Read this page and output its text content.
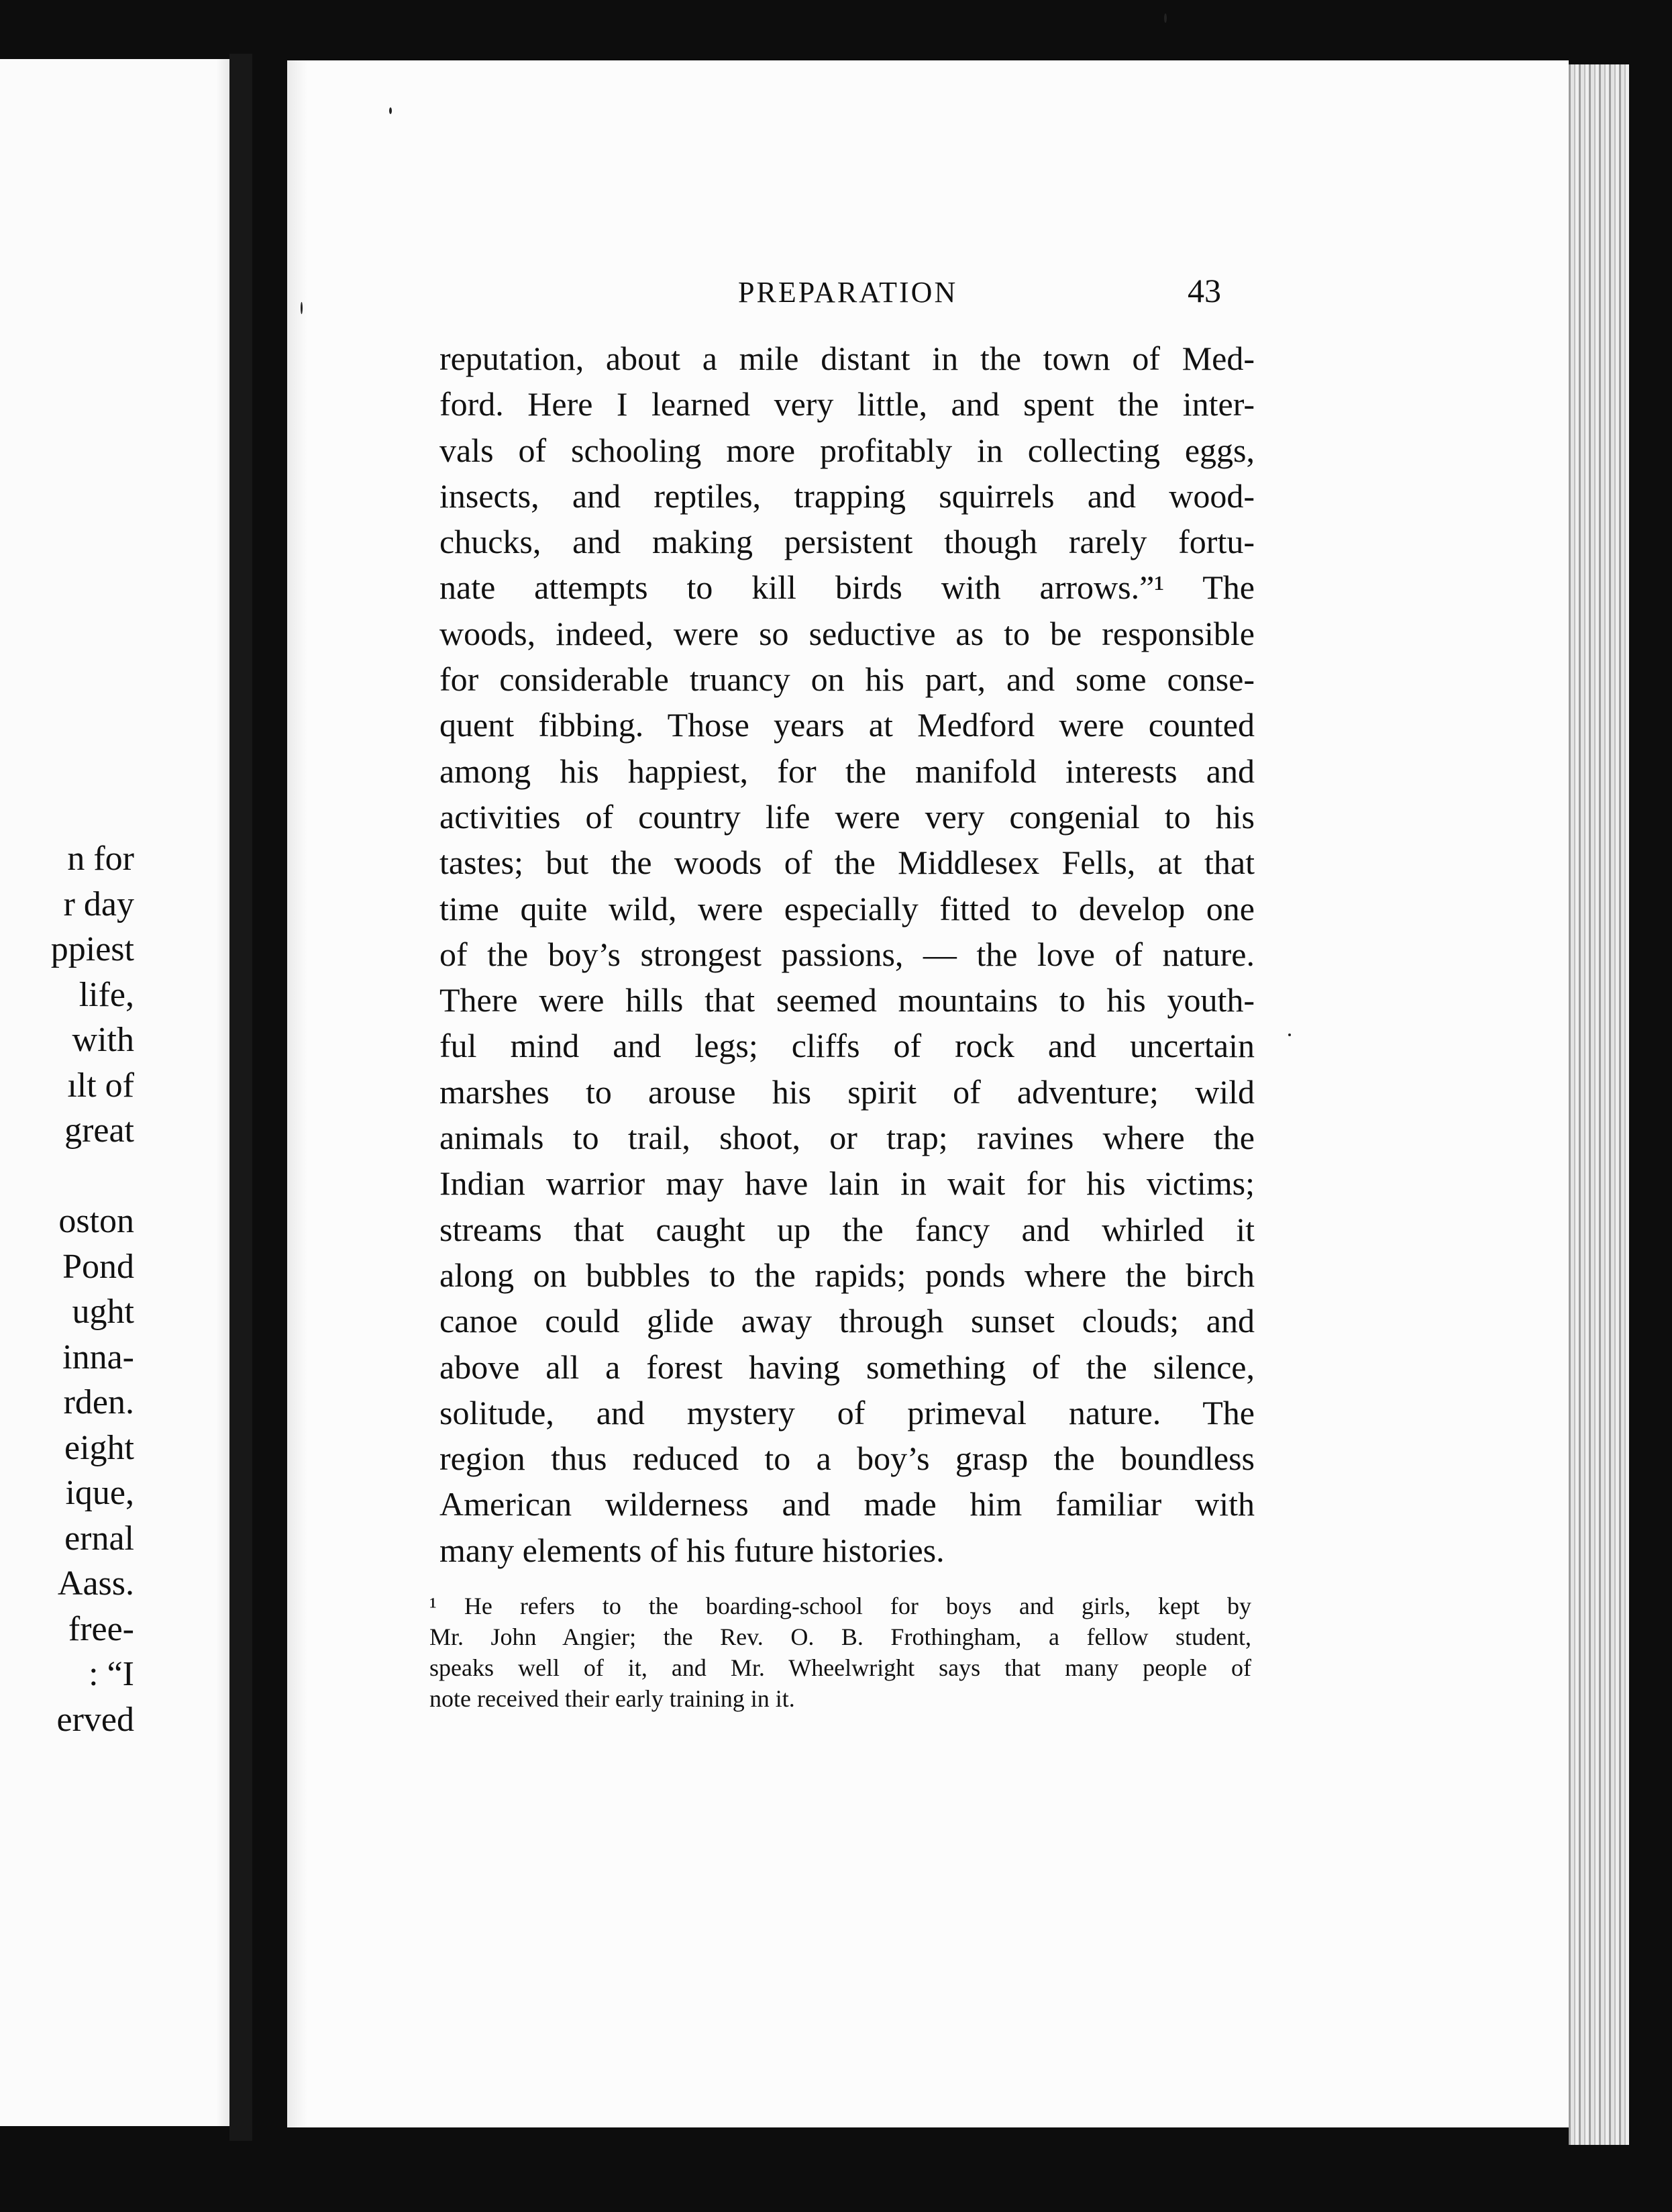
n for
r day
ppiest
life,
with
ılt of
great
oston
Pond
ught
inna-
rden.
eight
ique,
ernal
Aass.
free-
: “I
erved
PREPARATION	43
reputation, about a mile distant in the town of Med-
ford. Here I learned very little, and spent the inter-
vals of schooling more profitably in collecting eggs,
insects, and reptiles, trapping squirrels and wood-
chucks, and making persistent though rarely fortu-
nate attempts to kill birds with arrows.”¹ The
woods, indeed, were so seductive as to be responsible
for considerable truancy on his part, and some conse-
quent fibbing. Those years at Medford were counted
among his happiest, for the manifold interests and
activities of country life were very congenial to his
tastes; but the woods of the Middlesex Fells, at that
time quite wild, were especially fitted to develop one
of the boy’s strongest passions, — the love of nature.
There were hills that seemed mountains to his youth-
ful mind and legs; cliffs of rock and uncertain
marshes to arouse his spirit of adventure; wild
animals to trail, shoot, or trap; ravines where the
Indian warrior may have lain in wait for his victims;
streams that caught up the fancy and whirled it
along on bubbles to the rapids; ponds where the birch
canoe could glide away through sunset clouds; and
above all a forest having something of the silence,
solitude, and mystery of primeval nature. The
region thus reduced to a boy’s grasp the boundless
American wilderness and made him familiar with
many elements of his future histories.
¹ He refers to the boarding-school for boys and girls, kept by
Mr. John Angier; the Rev. O. B. Frothingham, a fellow student,
speaks well of it, and Mr. Wheelwright says that many people of
note received their early training in it.
